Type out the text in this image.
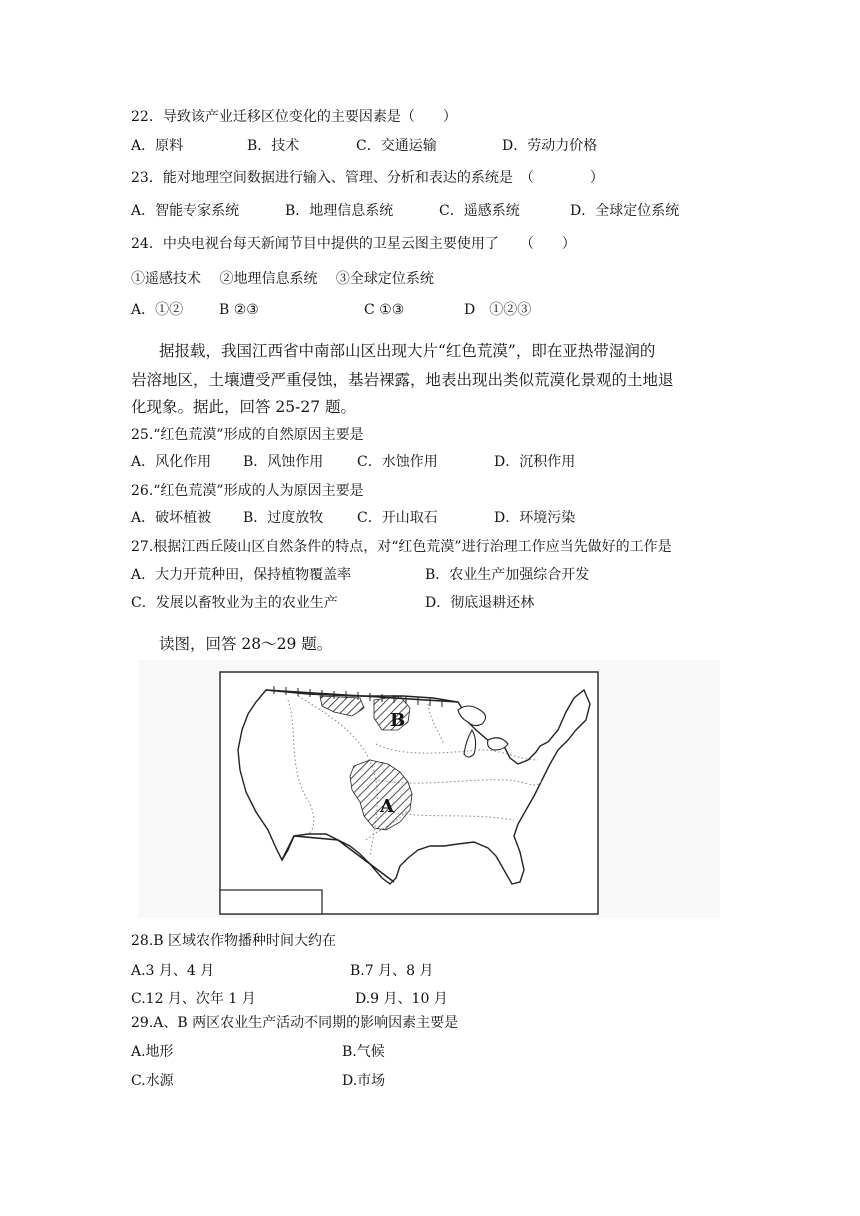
22．导致该产业迁移区位变化的主要因素是（　　）
A．原料	B．技术	C．交通运输	D．劳动力价格
23．能对地理空间数据进行输入、管理、分析和表达的系统是　（　　　　）
A．智能专家系统	B．地理信息系统	C．遥感系统	D．全球定位系统
24．中央电视台每天新闻节目中提供的卫星云图主要使用了　　（　　）
①遥感技术　 ②地理信息系统　 ③全球定位系统
A．①②	B ②③	C ①③	D　①②③
据报载，我国江西省中南部山区出现大片“红色荒漠”，即在亚热带湿润的
岩溶地区，土壤遭受严重侵蚀，基岩裸露，地表出现出类似荒漠化景观的土地退
化现象。据此，回答 25-27 题。
25.“红色荒漠”形成的自然原因主要是
A．风化作用 B．风蚀作用 C．水蚀作用	D．沉积作用
26.“红色荒漠”形成的人为原因主要是
A．破坏植被 B．过度放牧 C．开山取石	D．环境污染
27.根据江西丘陵山区自然条件的特点，对“红色荒漠”进行治理工作应当先做好的工作是
A．大力开荒种田，保持植物覆盖率	B．农业生产加强综合开发
C．发展以畜牧业为主的农业生产	D．彻底退耕还林
读图，回答 28～29 题。
A
B
28.B 区域农作物播种时间大约在
A.3 月、4 月	B.7 月、8 月
C.12 月、次年 1 月	D.9 月、10 月
29.A、B 两区农业生产活动不同期的影响因素主要是
A.地形	B.气候
C.水源	D.市场
